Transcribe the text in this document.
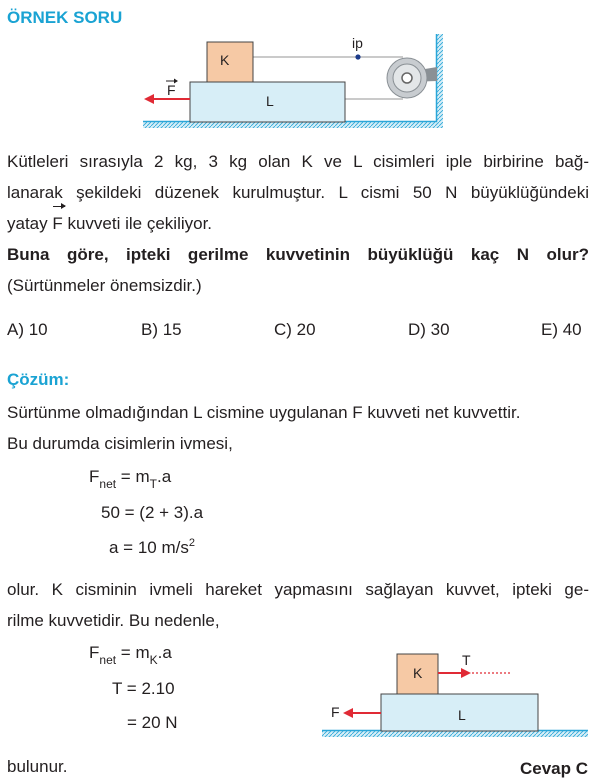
ÖRNEK SORU
K
L
ip
F
Kütleleri sırasıyla 2 kg, 3 kg olan K ve L cisimleri iple birbirine bağ-
lanarak şekildeki düzenek kurulmuştur. L cismi 50 N büyüklüğündeki
yatay F kuvveti ile çekiliyor.
Buna göre, ipteki gerilme kuvvetinin büyüklüğü kaç N olur?
(Sürtünmeler önemsizdir.)
A) 10	B) 15	C) 20	D) 30	E) 40
Çözüm:
Sürtünme olmadığından L cismine uygulanan F kuvveti net kuvvettir.
Bu durumda cisimlerin ivmesi,
$F_{net} = m_T.a$
50 = (2 + 3).a
a = 10 $m/s^2$
olur. K cisminin ivmeli hareket yapmasını sağlayan kuvvet, ipteki ge-
rilme kuvvetidir. Bu nedenle,
$F_{net} = m_K.a$
T = 2.10
= 20 N
K
L
T
F
bulunur.	Cevap C
